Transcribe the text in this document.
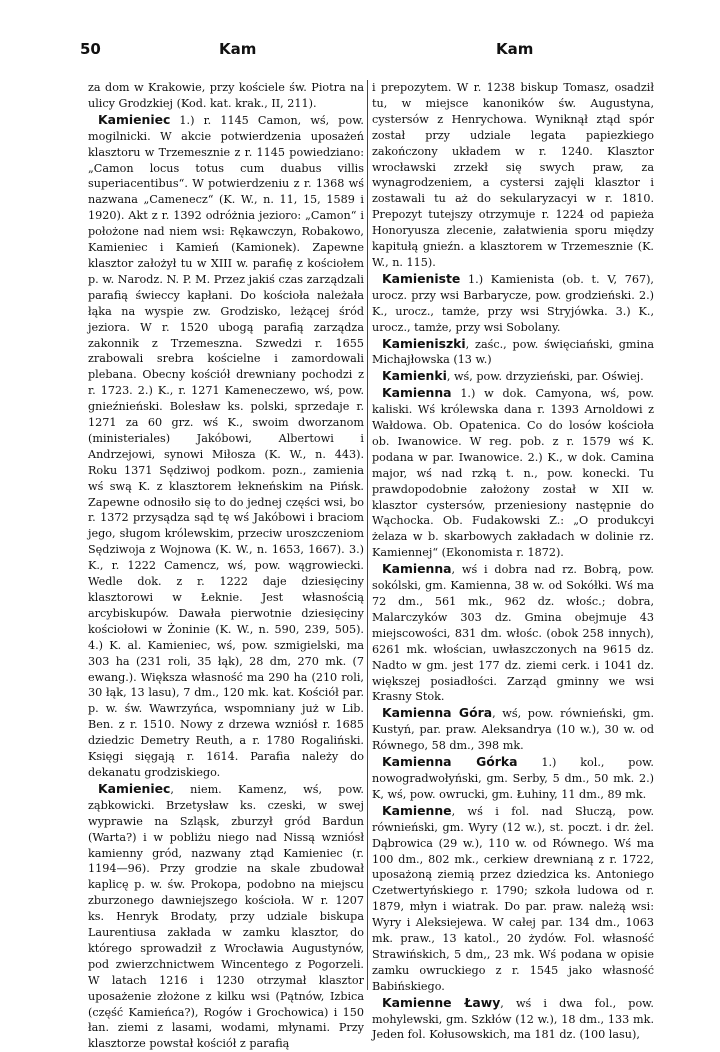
50	Kam	Kam

za dom w Krakowie, przy kościele św. Piotra na ulicy Grodzkiej (Kod. kat. krak., II, 211).

Kamieniec 1.) r. 1145 Camon, wś, pow. mogilnicki. W akcie potwierdzenia uposażeń klasztoru w Trzemesznie z r. 1145 powiedziano: „Camon locus totus cum duabus villis superiacentibus“. W potwierdzeniu z r. 1368 wś nazwana „Camenecz“ (K. W., n. 11, 15, 1589 i 1920). Akt z r. 1392 odróżnia jezioro: „Camon“ i położone nad niem wsi: Rękawczyn, Robakowo, Kamieniec i Kamień (Kamionek). Zapewne klasztor założył tu w XIII w. parafię z kościołem p. w. Narodz. N. P. M. Przez jakiś czas zarządzali parafią świeccy kapłani. Do kościoła należała łąka na wyspie zw. Grodzisko, leżącej śród jeziora. W r. 1520 ubogą parafią zarządza zakonnik z Trzemeszna. Szwedzi r. 1655 zrabowali srebra kościelne i zamordowali plebana. Obecny kościół drewniany pochodzi z r. 1723. 2.) K., r. 1271 Kameneczewo, wś, pow. gnieźnieński. Bolesław ks. polski, sprzedaje r. 1271 za 60 grz. wś K., swoim dworzanom (ministeriales) Jakóbowi, Albertowi i Andrzejowi, synowi Miłosza (K. W., n. 443). Roku 1371 Sędziwoj podkom. pozn., zamienia wś swą K. z klasztorem łekneńskim na Pińsk. Zapewne odnosiło się to do jednej części wsi, bo r. 1372 przysądza sąd tę wś Jakóbowi i braciom jego, sługom królewskim, przeciw uroszczeniom Sędziwoja z Wojnowa (K. W., n. 1653, 1667). 3.) K., r. 1222 Camencz, wś, pow. wągrowiecki. Wedle dok. z r. 1222 daje dziesięciny klasztorowi w Łeknie. Jest własnością arcybiskupów. Dawała pierwotnie dziesięciny kościołowi w Żoninie (K. W., n. 590, 239, 505). 4.) K. al. Kamieniec, wś, pow. szmigielski, ma 303 ha (231 roli, 35 łąk), 28 dm, 270 mk. (7 ewang.). Większa własność ma 290 ha (210 roli, 30 łąk, 13 lasu), 7 dm., 120 mk. kat. Kościół par. p. w. św. Wawrzyńca, wspomniany już w Lib. Ben. z r. 1510. Nowy z drzewa wzniósł r. 1685 dziedzic Demetry Reuth, a r. 1780 Rogaliński. Księgi sięgają r. 1614. Parafia należy do dekanatu grodziskiego.

Kamieniec, niem. Kamenz, wś, pow. ząbkowicki. Brzetysław ks. czeski, w swej wyprawie na Szląsk, zburzył gród Bardun (Warta?) i w pobliżu niego nad Nissą wzniósł kamienny gród, nazwany ztąd Kamieniec (r. 1194—96). Przy grodzie na skale zbudował kaplicę p. w. św. Prokopa, podobno na miejscu zburzonego dawniejszego kościoła. W r. 1207 ks. Henryk Brodaty, przy udziale biskupa Laurentiusa zakłada w zamku klasztor, do którego sprowadził z Wrocławia Augustynów, pod zwierzchnictwem Wincentego z Pogorzeli. W latach 1216 i 1230 otrzymał klasztor uposażenie złożone z kilku wsi (Pątnów, Izbica (część Kamieńca?), Rogów i Grochowica) i 150 łan. ziemi z lasami, wodami, młynami. Przy klasztorze powstał kościół z parafią

i prepozytem. W r. 1238 biskup Tomasz, osadził tu, w miejsce kanoników św. Augustyna, cystersów z Henrychowa. Wyniknął ztąd spór został przy udziale legata papiezkiego zakończony układem w r. 1240. Klasztor wrocławski zrzekł się swych praw, za wynagrodzeniem, a cystersi zajęli klasztor i zostawali tu aż do sekularyzacyi w r. 1810. Prepozyt tutejszy otrzymuje r. 1224 od papieża Honoryusza zlecenie, załatwienia sporu między kapitułą gnieźn. a klasztorem w Trzemesznie (K. W., n. 115).

Kamieniste 1.) Kamienista (ob. t. V, 767), urocz. przy wsi Barbarycze, pow. grodzieński. 2.) K., urocz., tamże, przy wsi Stryjówka. 3.) K., urocz., tamże, przy wsi Sobolany.

Kamieniszki, zaśc., pow. święciański, gmina Michajłowska (13 w.)

Kamienki, wś, pow. drzyzieński, par. Oświej.

Kamienna 1.) w dok. Camyona, wś, pow. kaliski. Wś królewska dana r. 1393 Arnoldowi z Wałdowa. Ob. Opatenica. Co do losów kościoła ob. Iwanowice. W reg. pob. z r. 1579 wś K. podana w par. Iwanowice. 2.) K., w dok. Camina major, wś nad rzką t. n., pow. konecki. Tu prawdopodobnie założony został w XII w. klasztor cystersów, przeniesiony następnie do Wąchocka. Ob. Fudakowski Z.: „O produkcyi żelaza w b. skarbowych zakładach w dolinie rz. Kamiennej“ (Ekonomista r. 1872).

Kamienna, wś i dobra nad rz. Bobrą, pow. sokólski, gm. Kamienna, 38 w. od Sokółki. Wś ma 72 dm., 561 mk., 962 dz. włośc.; dobra, Malarczyków 303 dz. Gmina obejmuje 43 miejscowości, 831 dm. włośc. (obok 258 innych), 6261 mk. włościan, uwłaszczonych na 9615 dz. Nadto w gm. jest 177 dz. ziemi cerk. i 1041 dz. większej posiadłości. Zarząd gminny we wsi Krasny Stok.

Kamienna Góra, wś, pow. równieński, gm. Kustyń, par. praw. Aleksandrya (10 w.), 30 w. od Równego, 58 dm., 398 mk.

Kamienna Górka 1.) kol., pow. nowogradwołyński, gm. Serby, 5 dm., 50 mk. 2.) K, wś, pow. owrucki, gm. Łuhiny, 11 dm., 89 mk.

Kamienne, wś i fol. nad Słuczą, pow. równieński, gm. Wyry (12 w.), st. poczt. i dr. żel. Dąbrowica (29 w.), 110 w. od Równego. Wś ma 100 dm., 802 mk., cerkiew drewnianą z r. 1722, uposażoną ziemią przez dziedzica ks. Antoniego Czetwertyńskiego r. 1790; szkoła ludowa od r. 1879, młyn i wiatrak. Do par. praw. należą wsi: Wyry i Aleksiejewa. W całej par. 134 dm., 1063 mk. praw., 13 katol., 20 żydów. Fol. własność Strawińskich, 5 dm,, 23 mk. Wś podana w opisie zamku owruckiego z r. 1545 jako własność Babińskiego.

Kamienne Ławy, wś i dwa fol., pow. mohylewski, gm. Szkłów (12 w.), 18 dm., 133 mk. Jeden fol. Kołusowskich, ma 181 dz. (100 lasu),
